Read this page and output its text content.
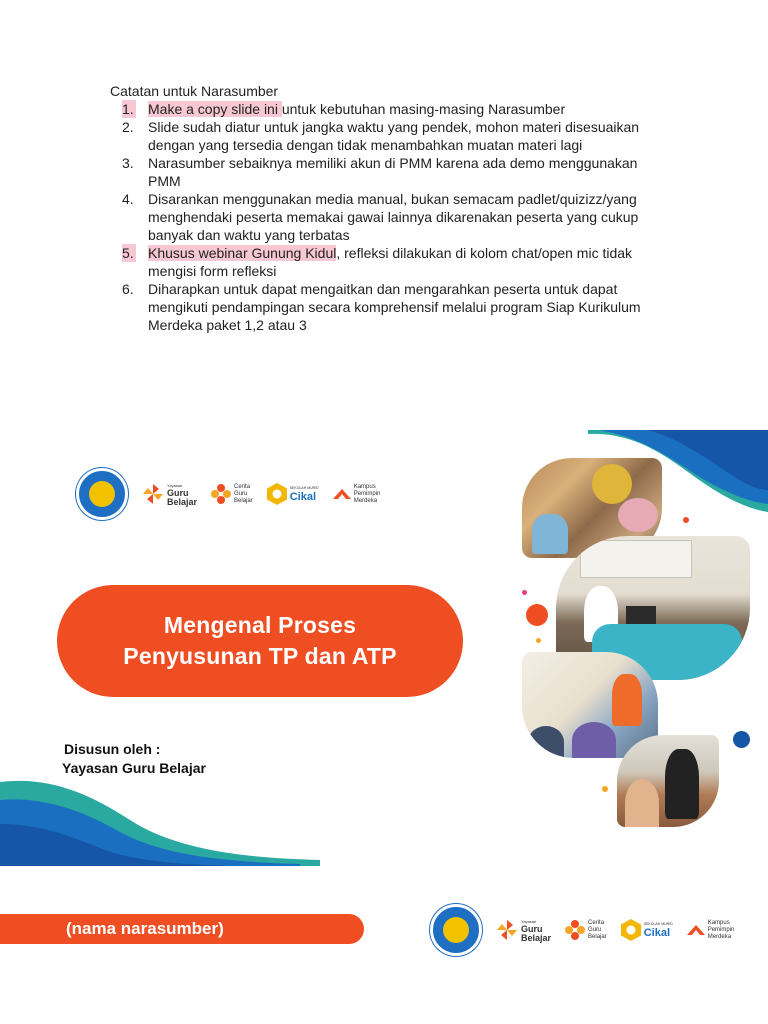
Catatan untuk Narasumber

1. Make a copy slide ini untuk kebutuhan masing-masing Narasumber
2. Slide sudah diatur untuk jangka waktu yang pendek, mohon materi disesuaikan dengan yang tersedia dengan tidak menambahkan muatan materi lagi
3. Narasumber sebaiknya memiliki akun di PMM karena ada demo menggunakan PMM
4. Disarankan menggunakan media manual, bukan semacam padlet/quizizz/yang menghendaki peserta memakai gawai lainnya dikarenakan peserta yang cukup banyak dan waktu yang terbatas
5. Khusus webinar Gunung Kidul, refleksi dilakukan di kolom chat/open mic tidak mengisi form refleksi
6. Diharapkan untuk dapat mengaitkan dan mengarahkan peserta untuk dapat mengikuti pendampingan secara komprehensif melalui program Siap Kurikulum Merdeka paket 1,2 atau 3
Yayasan
Guru
Belajar
Cerita
Guru
Belajar
SEKOLAH MURID
Cikal
Kampus
Pemimpin
Merdeka
Mengenal Proses
Penyusunan TP dan ATP
Disusun oleh :
Yayasan Guru Belajar
(nama narasumber)	Yayasan
Guru
Belajar
Cerita
Guru
Belajar
SEKOLAH MURID
Cikal
Kampus
Pemimpin
Merdeka
